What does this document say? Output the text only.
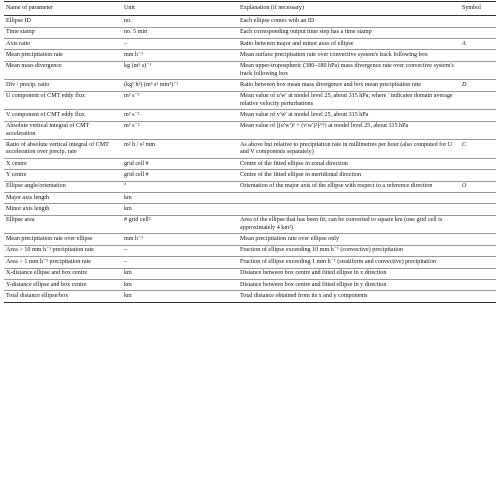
Name of parameter	Unit	Explanation (if necessary)	Symbol
Ellipse ID	no.	Each ellipse comes with an ID	
Time stamp	no. 5 min	Each corresponding output time step has a time stamp	
Axis ratio	–	Ratio between major and minor axes of ellipse	A
Mean precipitation rate	mm h⁻¹	Mean surface precipitation rate over convective system's track following box	
Mean mass divergence	kg (m³ s)⁻¹	Mean upper-tropospheric (380–180 hPa) mass divergence rate over convective system's track following box	
Div / precip. ratio	(kg¹ h¹) (m³ s¹ mm¹)⁻¹	Ratio between box mean mass divergence and box mean precipitation rate	D
U component of CMT eddy flux	m² s⁻²	Mean value of u′w′ at model level 25, about 315 hPa, where ′ indicates domain average relative velocity perturbations	
V component of CMT eddy flux	m² s⁻²	Mean value of v′w′ at model level 25, about 315 hPa	
Absolute vertical integral of CMT acceleration	m² s⁻²	Mean value of [(u′w′)² + (v′w′)²]^½ at model level 25, about 315 hPa	
Ratio of absolute vertical integral of CMT acceleration over precip. rate	m² h / s² mm	As above but relative to precipitation rate in millimetres per hour (also computed for U and V components separately)	C
X centre	grid cell #	Centre of the fitted ellipse in zonal direction	
Y centre	grid cell #	Centre of the fitted ellipse in meridional direction	
Ellipse angle/orientation	°	Orientation of the major axis of the ellipse with respect to a reference direction	O
Major axis length	km		
Minor axis length	km		
Ellipse area	# grid cell²	Area of the ellipse that has been fit; can be converted to square km (one grid cell is approximately 4 km²)	
Mean precipitation rate over ellipse	mm h⁻¹	Mean precipitation rate over ellipse only	
Area > 10 mm h⁻¹ precipitation rate	–	Fraction of ellipse exceeding 10 mm h⁻¹ (convective) precipitation	
Area > 1 mm h⁻¹ precipitation rate	–	Fraction of ellipse exceeding 1 mm h⁻¹ (stratiform and convective) precipitation	
X-distance ellipse and box centre	km	Distance between box centre and fitted ellipse in x direction	
Y-distance ellipse and box centre	km	Distance between box centre and fitted ellipse in y direction	
Total distance ellipse/box	km	Total distance obtained from its x and y components	
